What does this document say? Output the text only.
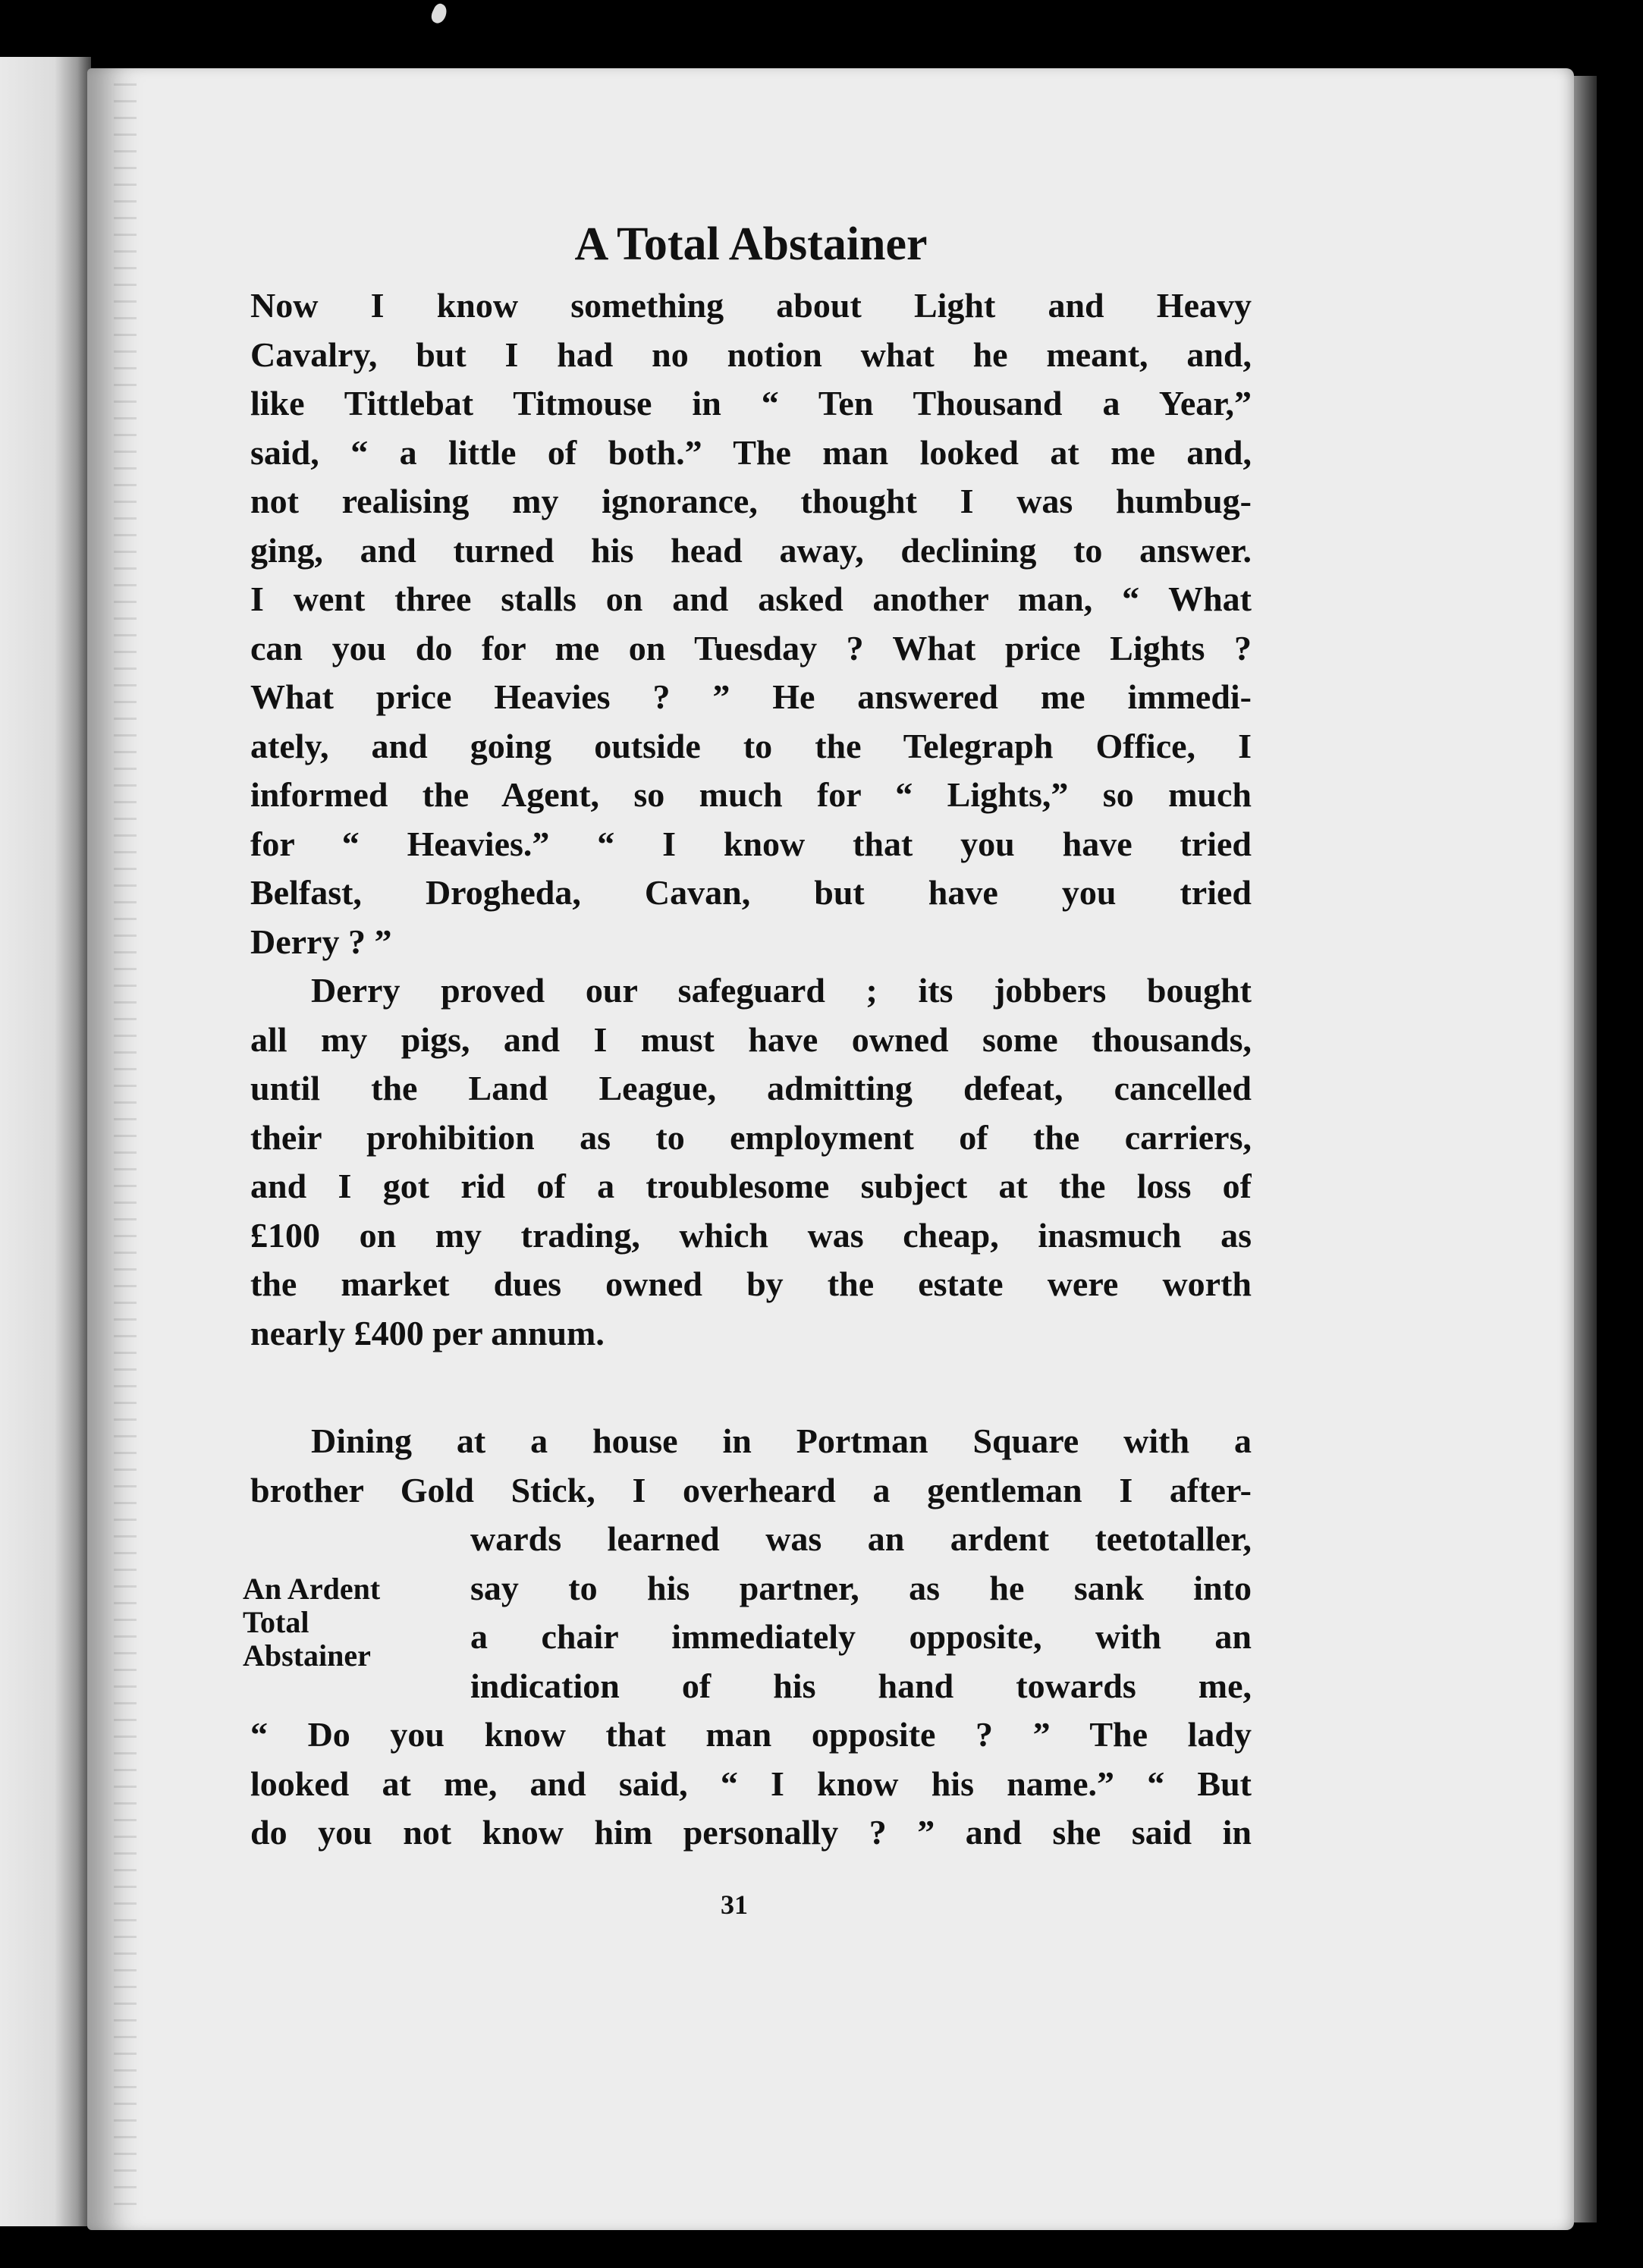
A Total Abstainer
Now I know something about Light and Heavy
Cavalry, but I had no notion what he meant, and,
like Tittlebat Titmouse in “ Ten Thousand a Year,”
said, “ a little of both.” The man looked at me and,
not realising my ignorance, thought I was humbug-
ging, and turned his head away, declining to answer.
I went three stalls on and asked another man, “ What
can you do for me on Tuesday ? What price Lights ?
What price Heavies ? ” He answered me immedi-
ately, and going outside to the Telegraph Office, I
informed the Agent, so much for “ Lights,” so much
for “ Heavies.” “ I know that you have tried
Belfast, Drogheda, Cavan, but have you tried
Derry ? ”
Derry proved our safeguard ; its jobbers bought
all my pigs, and I must have owned some thousands,
until the Land League, admitting defeat, cancelled
their prohibition as to employment of the carriers,
and I got rid of a troublesome subject at the loss of
£100 on my trading, which was cheap, inasmuch as
the market dues owned by the estate were worth
nearly £400 per annum.
Dining at a house in Portman Square with a
brother Gold Stick, I overheard a gentleman I after-
wards learned was an ardent teetotaller,
say to his partner, as he sank into
a chair immediately opposite, with an
indication of his hand towards me,
An Ardent
Total
Abstainer
“ Do you know that man opposite ? ” The lady
looked at me, and said, “ I know his name.” “ But
do you not know him personally ? ” and she said in
31
